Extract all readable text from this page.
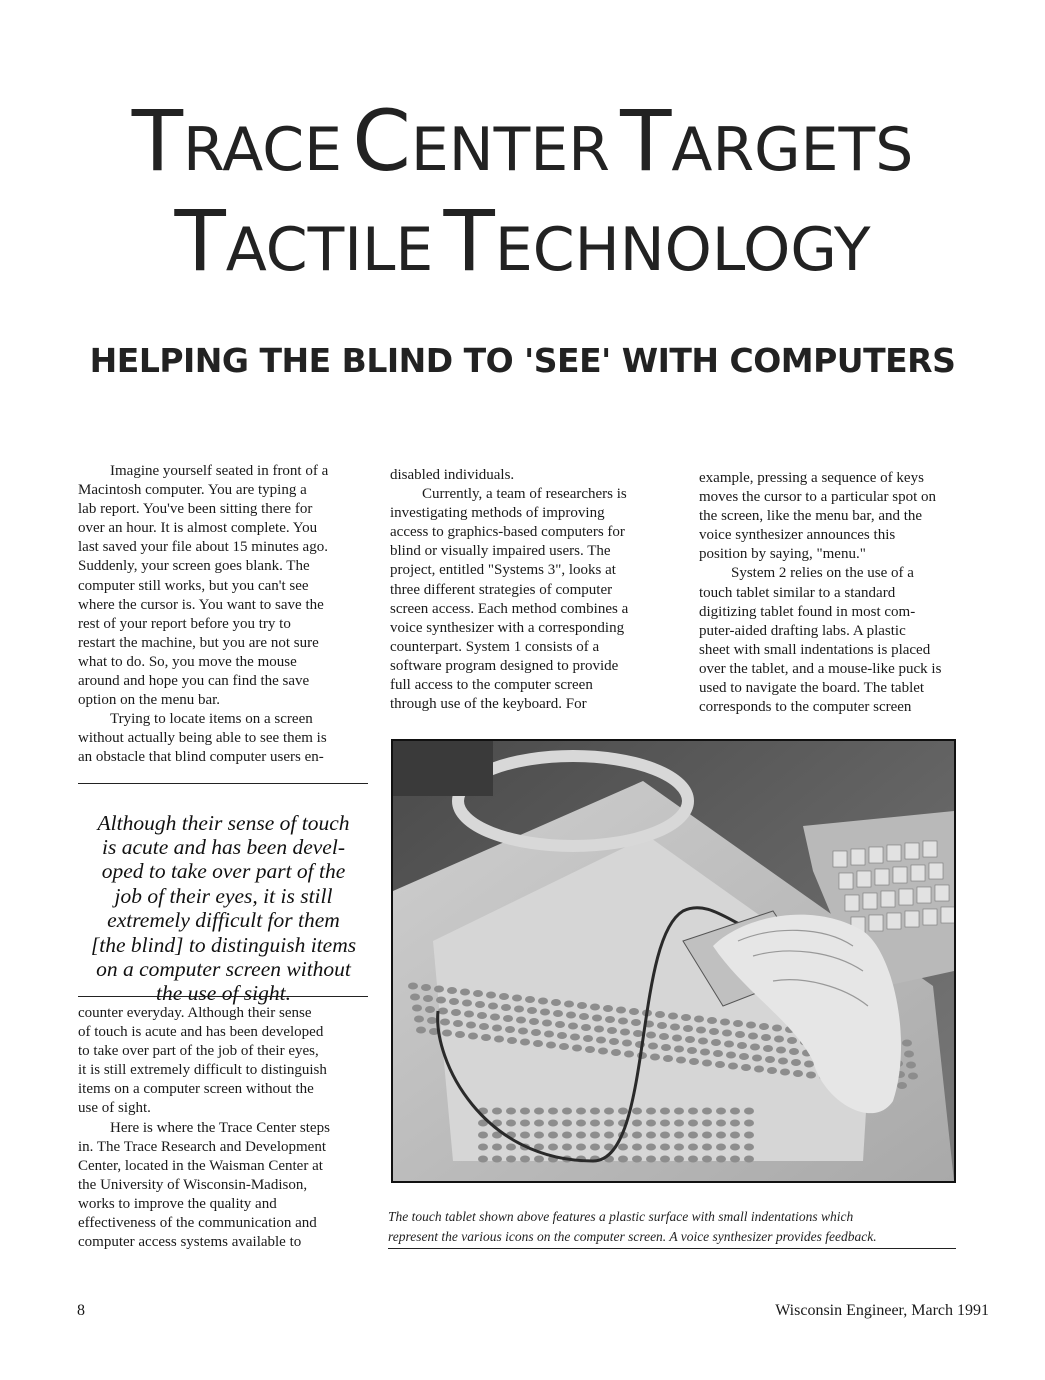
TRACE CENTER TARGETS
TACTILE TECHNOLOGY
HELPING THE BLIND TO 'SEE' WITH COMPUTERS

Imagine yourself seated in front of a
Macintosh computer. You are typing a
lab report. You've been sitting there for
over an hour. It is almost complete. You
last saved your file about 15 minutes ago.
Suddenly, your screen goes blank. The
computer still works, but you can't see
where the cursor is. You want to save the
rest of your report before you try to
restart the machine, but you are not sure
what to do. So, you move the mouse
around and hope you can find the save
option on the menu bar.

Trying to locate items on a screen
without actually being able to see them is
an obstacle that blind computer users en-

Although their sense of touch
is acute and has been devel-
oped to take over part of the
job of their eyes, it is still
extremely difficult for them
[the blind] to distinguish items
on a computer screen without
the use of sight.

counter everyday. Although their sense
of touch is acute and has been developed
to take over part of the job of their eyes,
it is still extremely difficult to distinguish
items on a computer screen without the
use of sight.

Here is where the Trace Center steps
in. The Trace Research and Development
Center, located in the Waisman Center at
the University of Wisconsin-Madison,
works to improve the quality and
effectiveness of the communication and
computer access systems available to

disabled individuals.

Currently, a team of researchers is
investigating methods of improving
access to graphics-based computers for
blind or visually impaired users. The
project, entitled "Systems 3", looks at
three different strategies of computer
screen access. Each method combines a
voice synthesizer with a corresponding
counterpart. System 1 consists of a
software program designed to provide
full access to the computer screen
through use of the keyboard. For

example, pressing a sequence of keys
moves the cursor to a particular spot on
the screen, like the menu bar, and the
voice synthesizer announces this
position by saying, "menu."

System 2 relies on the use of a
touch tablet similar to a standard
digitizing tablet found in most com-
puter-aided drafting labs. A plastic
sheet with small indentations is placed
over the tablet, and a mouse-like puck is
used to navigate the board. The tablet
corresponds to the computer screen

The touch tablet shown above features a plastic surface with small indentations which
represent the various icons on the computer screen. A voice synthesizer provides feedback.

8	Wisconsin Engineer, March 1991
